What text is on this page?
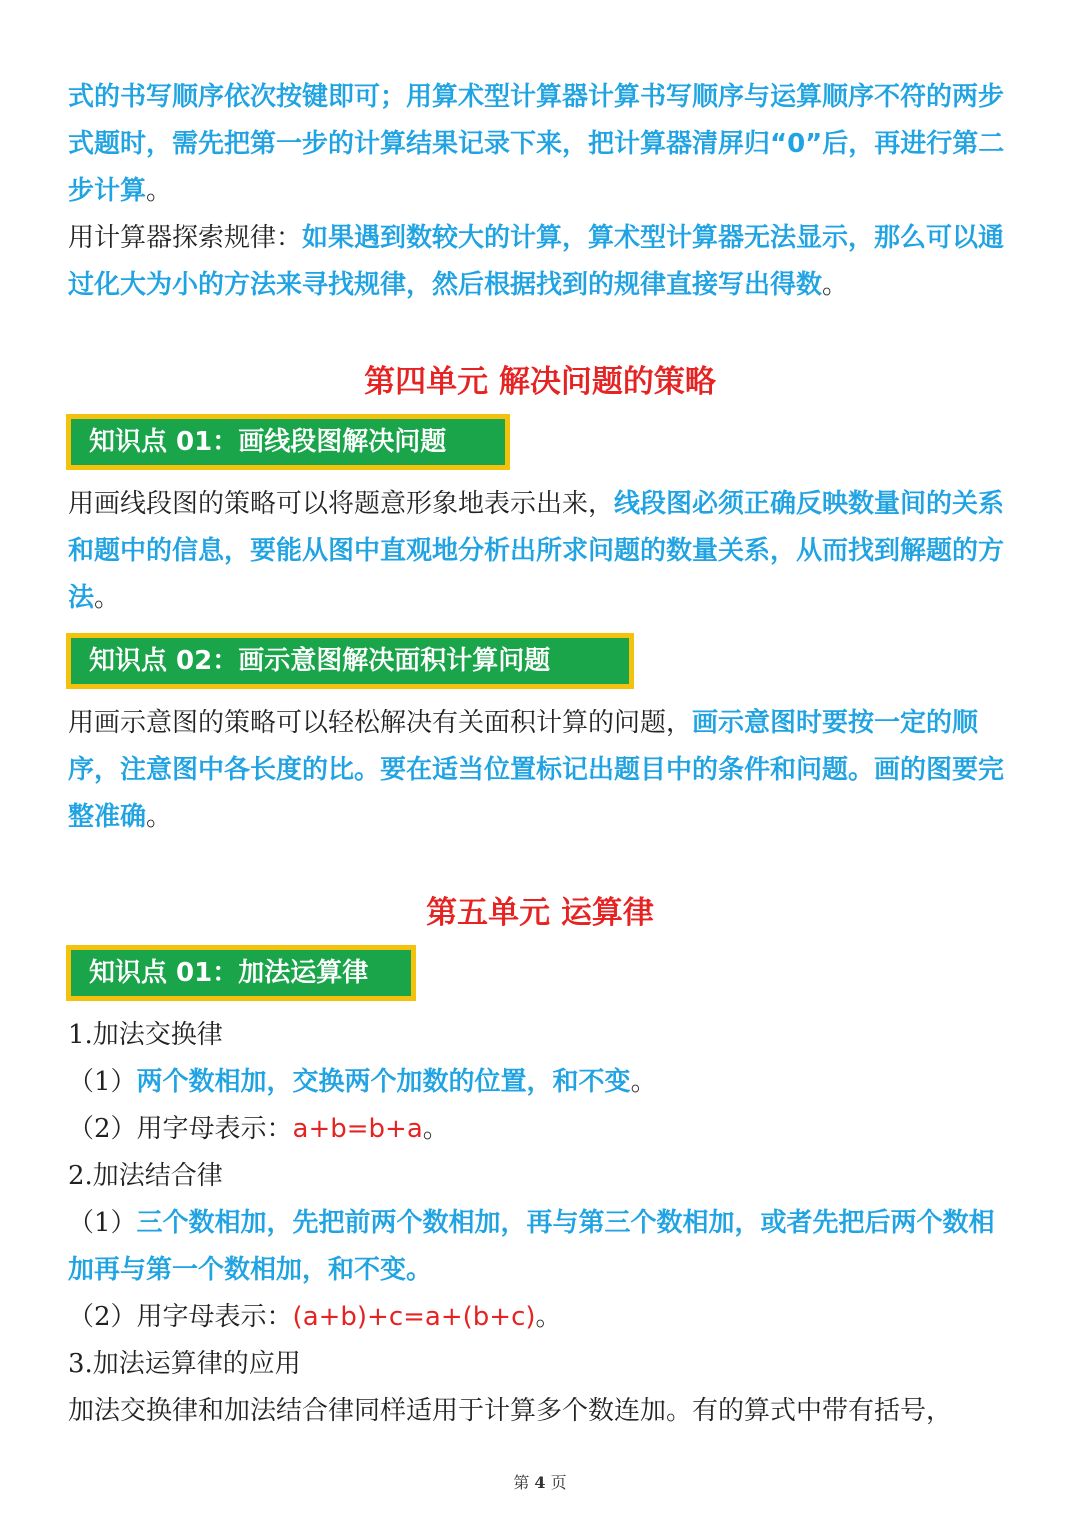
式的书写顺序依次按键即可；用算术型计算器计算书写顺序与运算顺序不符的两步式题时，需先把第一步的计算结果记录下来，把计算器清屏归“0”后，再进行第二步计算。

用计算器探索规律：如果遇到数较大的计算，算术型计算器无法显示，那么可以通过化大为小的方法来寻找规律，然后根据找到的规律直接写出得数。

第四单元 解决问题的策略
知识点 01：画线段图解决问题

用画线段图的策略可以将题意形象地表示出来，线段图必须正确反映数量间的关系和题中的信息，要能从图中直观地分析出所求问题的数量关系，从而找到解题的方法。

知识点 02：画示意图解决面积计算问题

用画示意图的策略可以轻松解决有关面积计算的问题，画示意图时要按一定的顺序，注意图中各长度的比。要在适当位置标记出题目中的条件和问题。画的图要完整准确。

第五单元 运算律
知识点 01：加法运算律

1.加法交换律

（1）两个数相加，交换两个加数的位置，和不变。

（2）用字母表示：a+b=b+a。

2.加法结合律

（1）三个数相加，先把前两个数相加，再与第三个数相加，或者先把后两个数相加再与第一个数相加，和不变。

（2）用字母表示：(a+b)+c=a+(b+c)。

3.加法运算律的应用

加法交换律和加法结合律同样适用于计算多个数连加。有的算式中带有括号，

第 4 页
